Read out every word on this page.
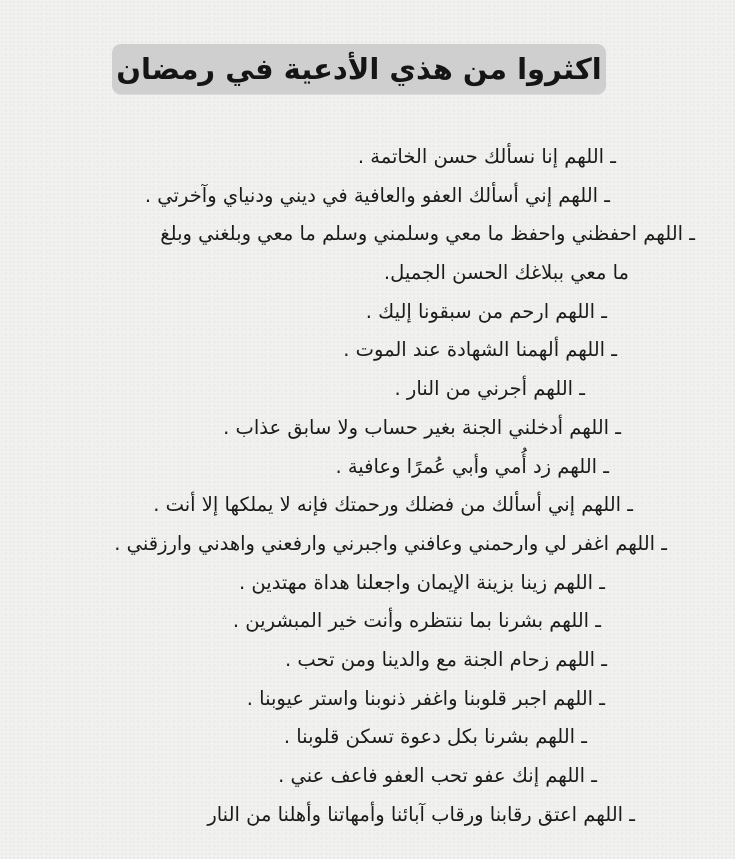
اكثروا من هذي الأدعية في رمضان
ـ اللهم إنا نسألك حسن الخاتمة .
ـ اللهم إني أسألك العفو والعافية في ديني ودنياي وآخرتي .
ـ اللهم احفظني واحفظ ما معي وسلمني وسلم ما معي وبلغني وبلغ
ما معي ببلاغك الحسن الجميل.
ـ اللهم ارحم من سبقونا إليك .
ـ اللهم ألهمنا الشهادة عند الموت .
ـ اللهم أجرني من النار .
ـ اللهم أدخلني الجنة بغير حساب ولا سابق عذاب .
ـ اللهم زد أُمي وأبي عُمرًا وعافية .
ـ اللهم إني أسألك من فضلك ورحمتك فإنه لا يملكها إلا أنت .
ـ اللهم اغفر لي وارحمني وعافني واجبرني وارفعني واهدني وارزقني .
ـ اللهم زينا بزينة الإيمان واجعلنا هداة مهتدين .
ـ اللهم بشرنا بما ننتظره وأنت خير المبشرين .
ـ اللهم زحام الجنة مع والدينا ومن تحب .
ـ اللهم اجبر قلوبنا واغفر ذنوبنا واستر عيوبنا .
ـ اللهم بشرنا بكل دعوة تسكن قلوبنا .
ـ اللهم إنك عفو تحب العفو فاعف عني .
ـ اللهم اعتق رقابنا ورقاب آبائنا وأمهاتنا وأهلنا من النار
